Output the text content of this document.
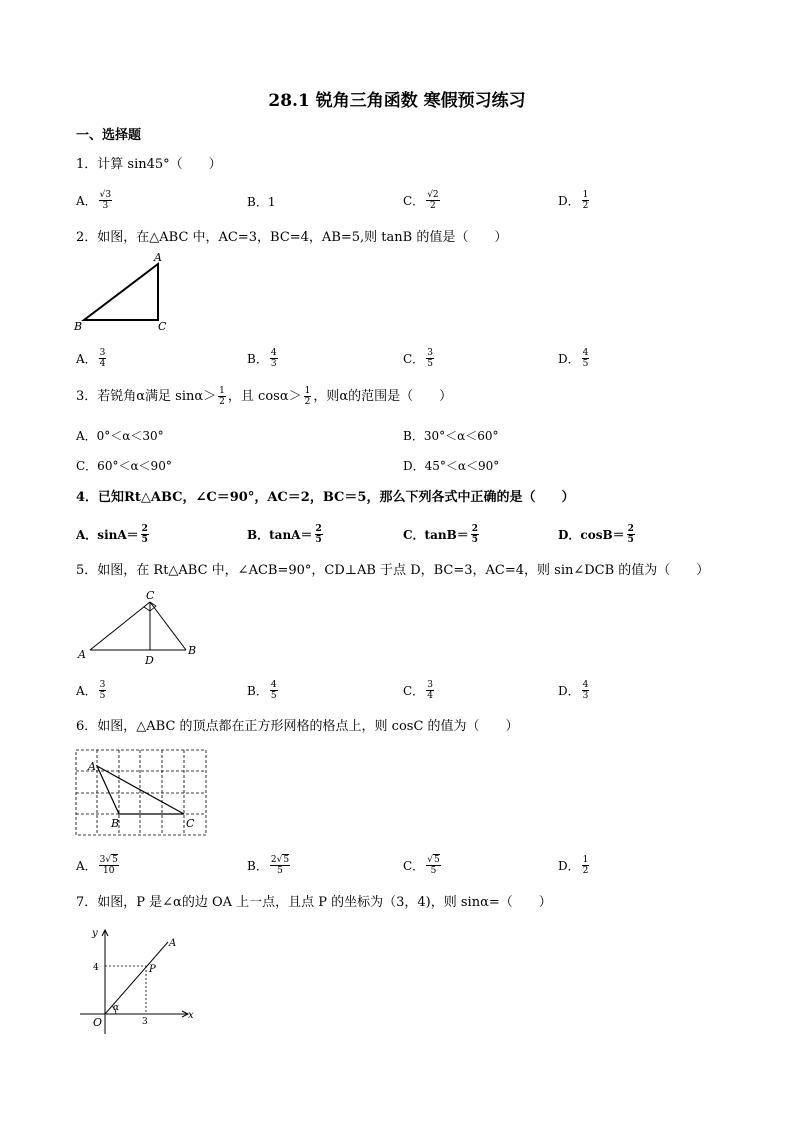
28.1 锐角三角函数 寒假预习练习
一、选择题
1．计算 sin45°（　　）
A． $\frac{√3}{3}$	B．1	C． $\frac{√2}{2}$	D． $\frac{1}{2}$
2．如图，在△ABC 中，AC=3，BC=4，AB=5,则 tanB 的值是（　　）
A
B	C
A． $\frac{3}{4}$	B． $\frac{4}{3}$	C． $\frac{3}{5}$	D． $\frac{4}{5}$
3．若锐角α满足 $\sin\alpha> \frac{1}{2}$ ，且 $\cos\alpha> \frac{1}{2}$ ，则α的范围是（　　）
A．0°＜α＜30°	B．30°＜α＜60°
C．60°＜α＜90°	D．45°＜α＜90°
4．已知Rt△ABC，∠C＝90°，AC＝2，BC＝5，那么下列各式中正确的是（　　）
A．$\sin A= \frac{2}{5}$	B．$\tan A= \frac{2}{5}$	C．$\tan B= \frac{2}{5}$	D．$\cos B= \frac{2}{5}$
5．如图，在 Rt△ABC 中，∠ACB=90°，CD⊥AB 于点 D，BC=3，AC=4，则 sin∠DCB 的值为（　　）
A	B
C
D
A． $\frac{3}{5}$	B． $\frac{4}{5}$	C． $\frac{3}{4}$	D． $\frac{4}{3}$
6．如图，△ABC 的顶点都在正方形网格的格点上，则 cosC 的值为（　　）
A
B	C
A． $\frac{3√5}{10}$	B． $\frac{2√5}{5}$	C． $\frac{√5}{5}$	D． $\frac{1}{2}$
7．如图，P 是∠α的边 OA 上一点，且点 P 的坐标为（3，4)，则 sinα=（　　）
y
x
O
A
P
α
4
3
